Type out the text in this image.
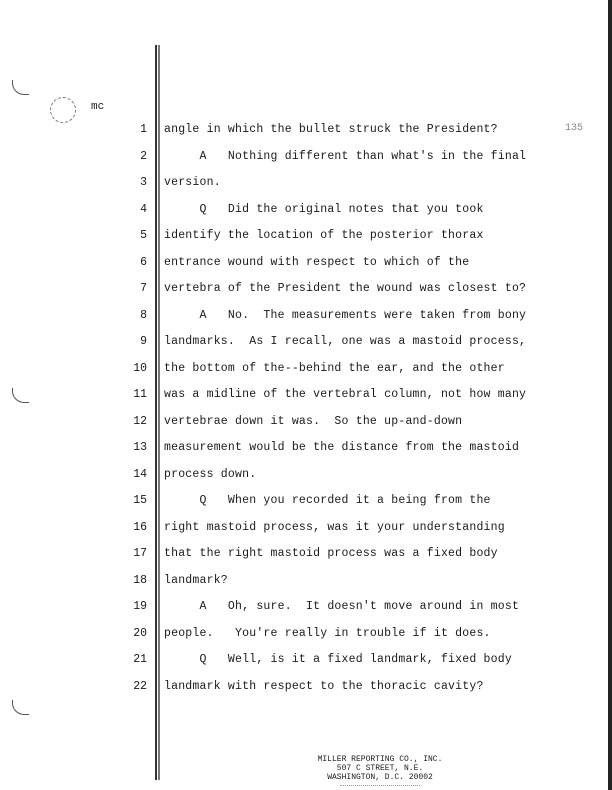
mc
135
1 angle in which the bullet struck the President?
2 A   Nothing different than what's in the final
3 version.
4 Q   Did the original notes that you took
5 identify the location of the posterior thorax
6 entrance wound with respect to which of the
7 vertebra of the President the wound was closest to?
8 A   No.  The measurements were taken from bony
9 landmarks.  As I recall, one was a mastoid process,
10 the bottom of the--behind the ear, and the other
11 was a midline of the vertebral column, not how many
12 vertebrae down it was.  So the up-and-down
13 measurement would be the distance from the mastoid
14 process down.
15 Q   When you recorded it a being from the
16 right mastoid process, was it your understanding
17 that the right mastoid process was a fixed body
18 landmark?
19 A   Oh, sure.  It doesn't move around in most
20 people.   You're really in trouble if it does.
21 Q   Well, is it a fixed landmark, fixed body
22 landmark with respect to the thoracic cavity?
MILLER REPORTING CO., INC.
507 C STREET, N.E.
WASHINGTON, D.C. 20002
